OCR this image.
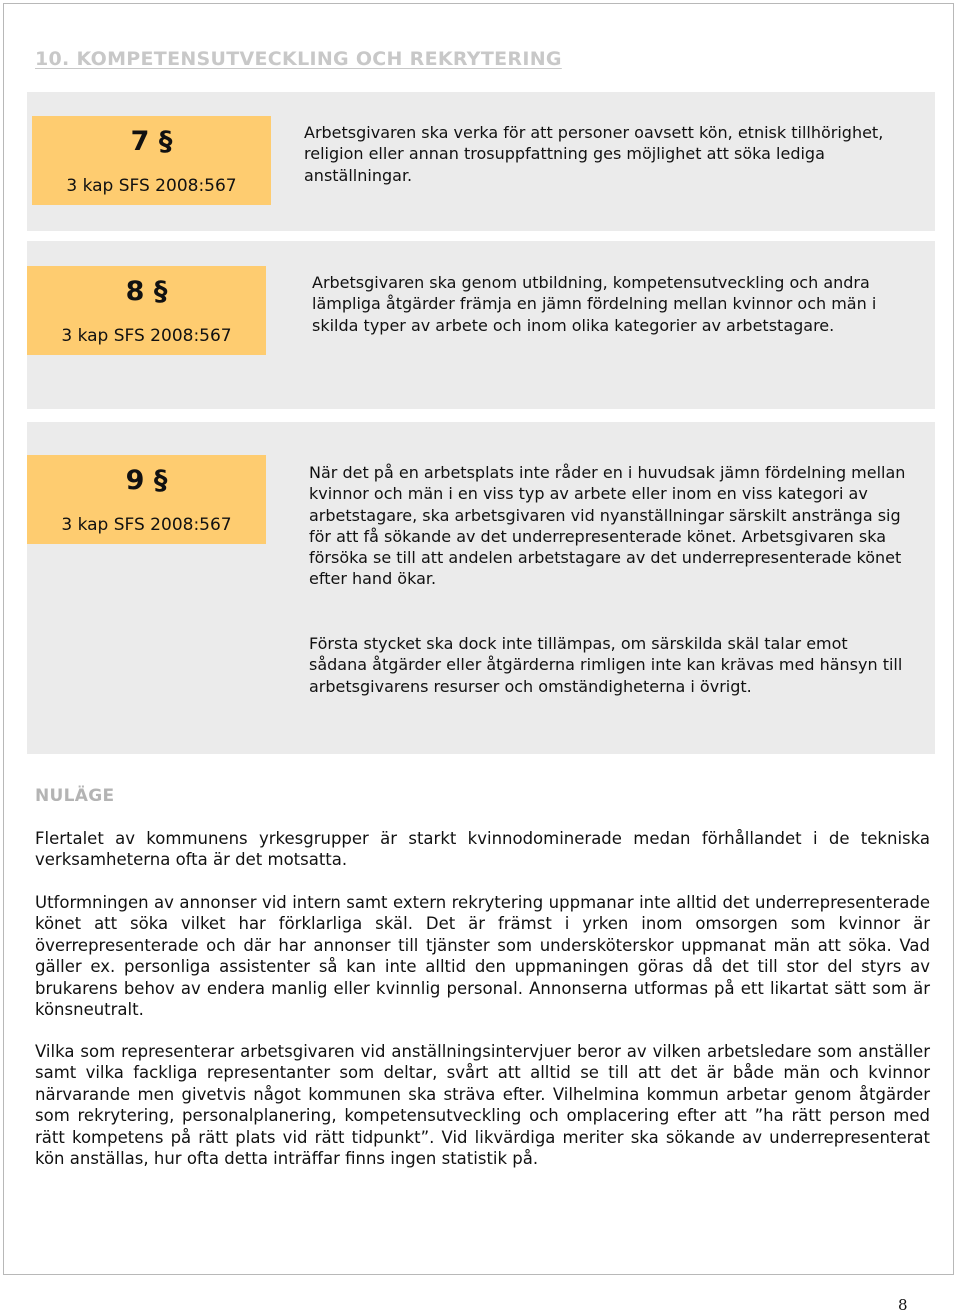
10. KOMPETENSUTVECKLING OCH REKRYTERING
7 §
3 kap SFS 2008:567

Arbetsgivaren ska verka för att personer oavsett kön, etnisk tillhörighet, religion eller annan trosuppfattning ges möjlighet att söka lediga anställningar.

8 §
3 kap SFS 2008:567

Arbetsgivaren ska genom utbildning, kompetensutveckling och andra lämpliga åtgärder främja en jämn fördelning mellan kvinnor och män i skilda typer av arbete och inom olika kategorier av arbetstagare.

9 §
3 kap SFS 2008:567

När det på en arbetsplats inte råder en i huvudsak jämn fördelning mellan kvinnor och män i en viss typ av arbete eller inom en viss kategori av arbetstagare, ska arbetsgivaren vid nyanställningar särskilt anstränga sig för att få sökande av det underrepresenterade könet. Arbetsgivaren ska försöka se till att andelen arbetstagare av det underrepresenterade könet efter hand ökar.

Första stycket ska dock inte tillämpas, om särskilda skäl talar emot sådana åtgärder eller åtgärderna rimligen inte kan krävas med hänsyn till arbetsgivarens resurser och omständigheterna i övrigt.

NULÄGE

Flertalet av kommunens yrkesgrupper är starkt kvinnodominerade medan förhållandet i de tekniska verksamheterna ofta är det motsatta.

Utformningen av annonser vid intern samt extern rekrytering uppmanar inte alltid det underrepresenterade könet att söka vilket har förklarliga skäl. Det är främst i yrken inom omsorgen som kvinnor är överrepresenterade och där har annonser till tjänster som undersköterskor uppmanat män att söka. Vad gäller ex. personliga assistenter så kan inte alltid den uppmaningen göras då det till stor del styrs av brukarens behov av endera manlig eller kvinnlig personal. Annonserna utformas på ett likartat sätt som är könsneutralt.

Vilka som representerar arbetsgivaren vid anställningsintervjuer beror av vilken arbetsledare som anställer samt vilka fackliga representanter som deltar, svårt att alltid se till att det är både män och kvinnor närvarande men givetvis något kommunen ska sträva efter. Vilhelmina kommun arbetar genom åtgärder som rekrytering, personalplanering, kompetensutveckling och omplacering efter att ”ha rätt person med rätt kompetens på rätt plats vid rätt tidpunkt”. Vid likvärdiga meriter ska sökande av underrepresenterat kön anställas, hur ofta detta inträffar finns ingen statistik på.

8
